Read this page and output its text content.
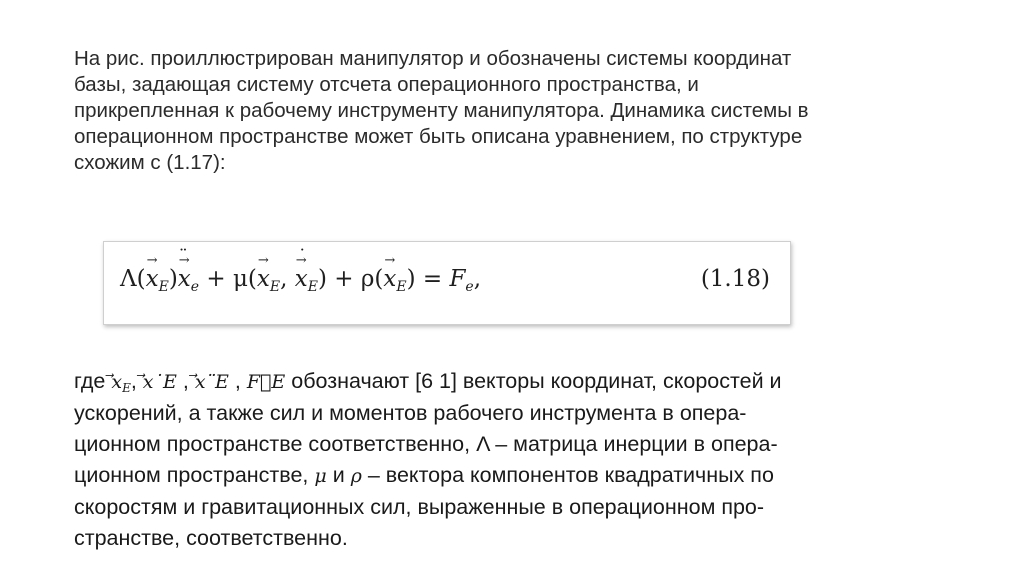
На рис. проиллюстрирован манипулятор и обозначены системы координат
базы, задающая систему отсчета операционного пространства, и
прикрепленная к рабочему инструменту манипулятора. Динамика системы в
операционном пространстве может быть описана уравнением, по структуре
схожим с (1.17):
$\Lambda(\to x_E)\to x$ $¨_e + \mu(\to x_E$, → x $˙_E) + \rho(\to x_E) = F_e$,	(1.18)
где $⃗x_E$, ⃗x˙E , ⃗x¨E , F⃗E обозначают [6 1] векторы координат, скоростей и
ускорений, а также сил и моментов рабочего инструмента в опера-
ционном пространстве соответственно, Λ – матрица инерции в опера-
ционном пространстве, μ и ρ – вектора компонентов квадратичных по
скоростям и гравитационных сил, выраженные в операционном про-
странстве, соответственно.
